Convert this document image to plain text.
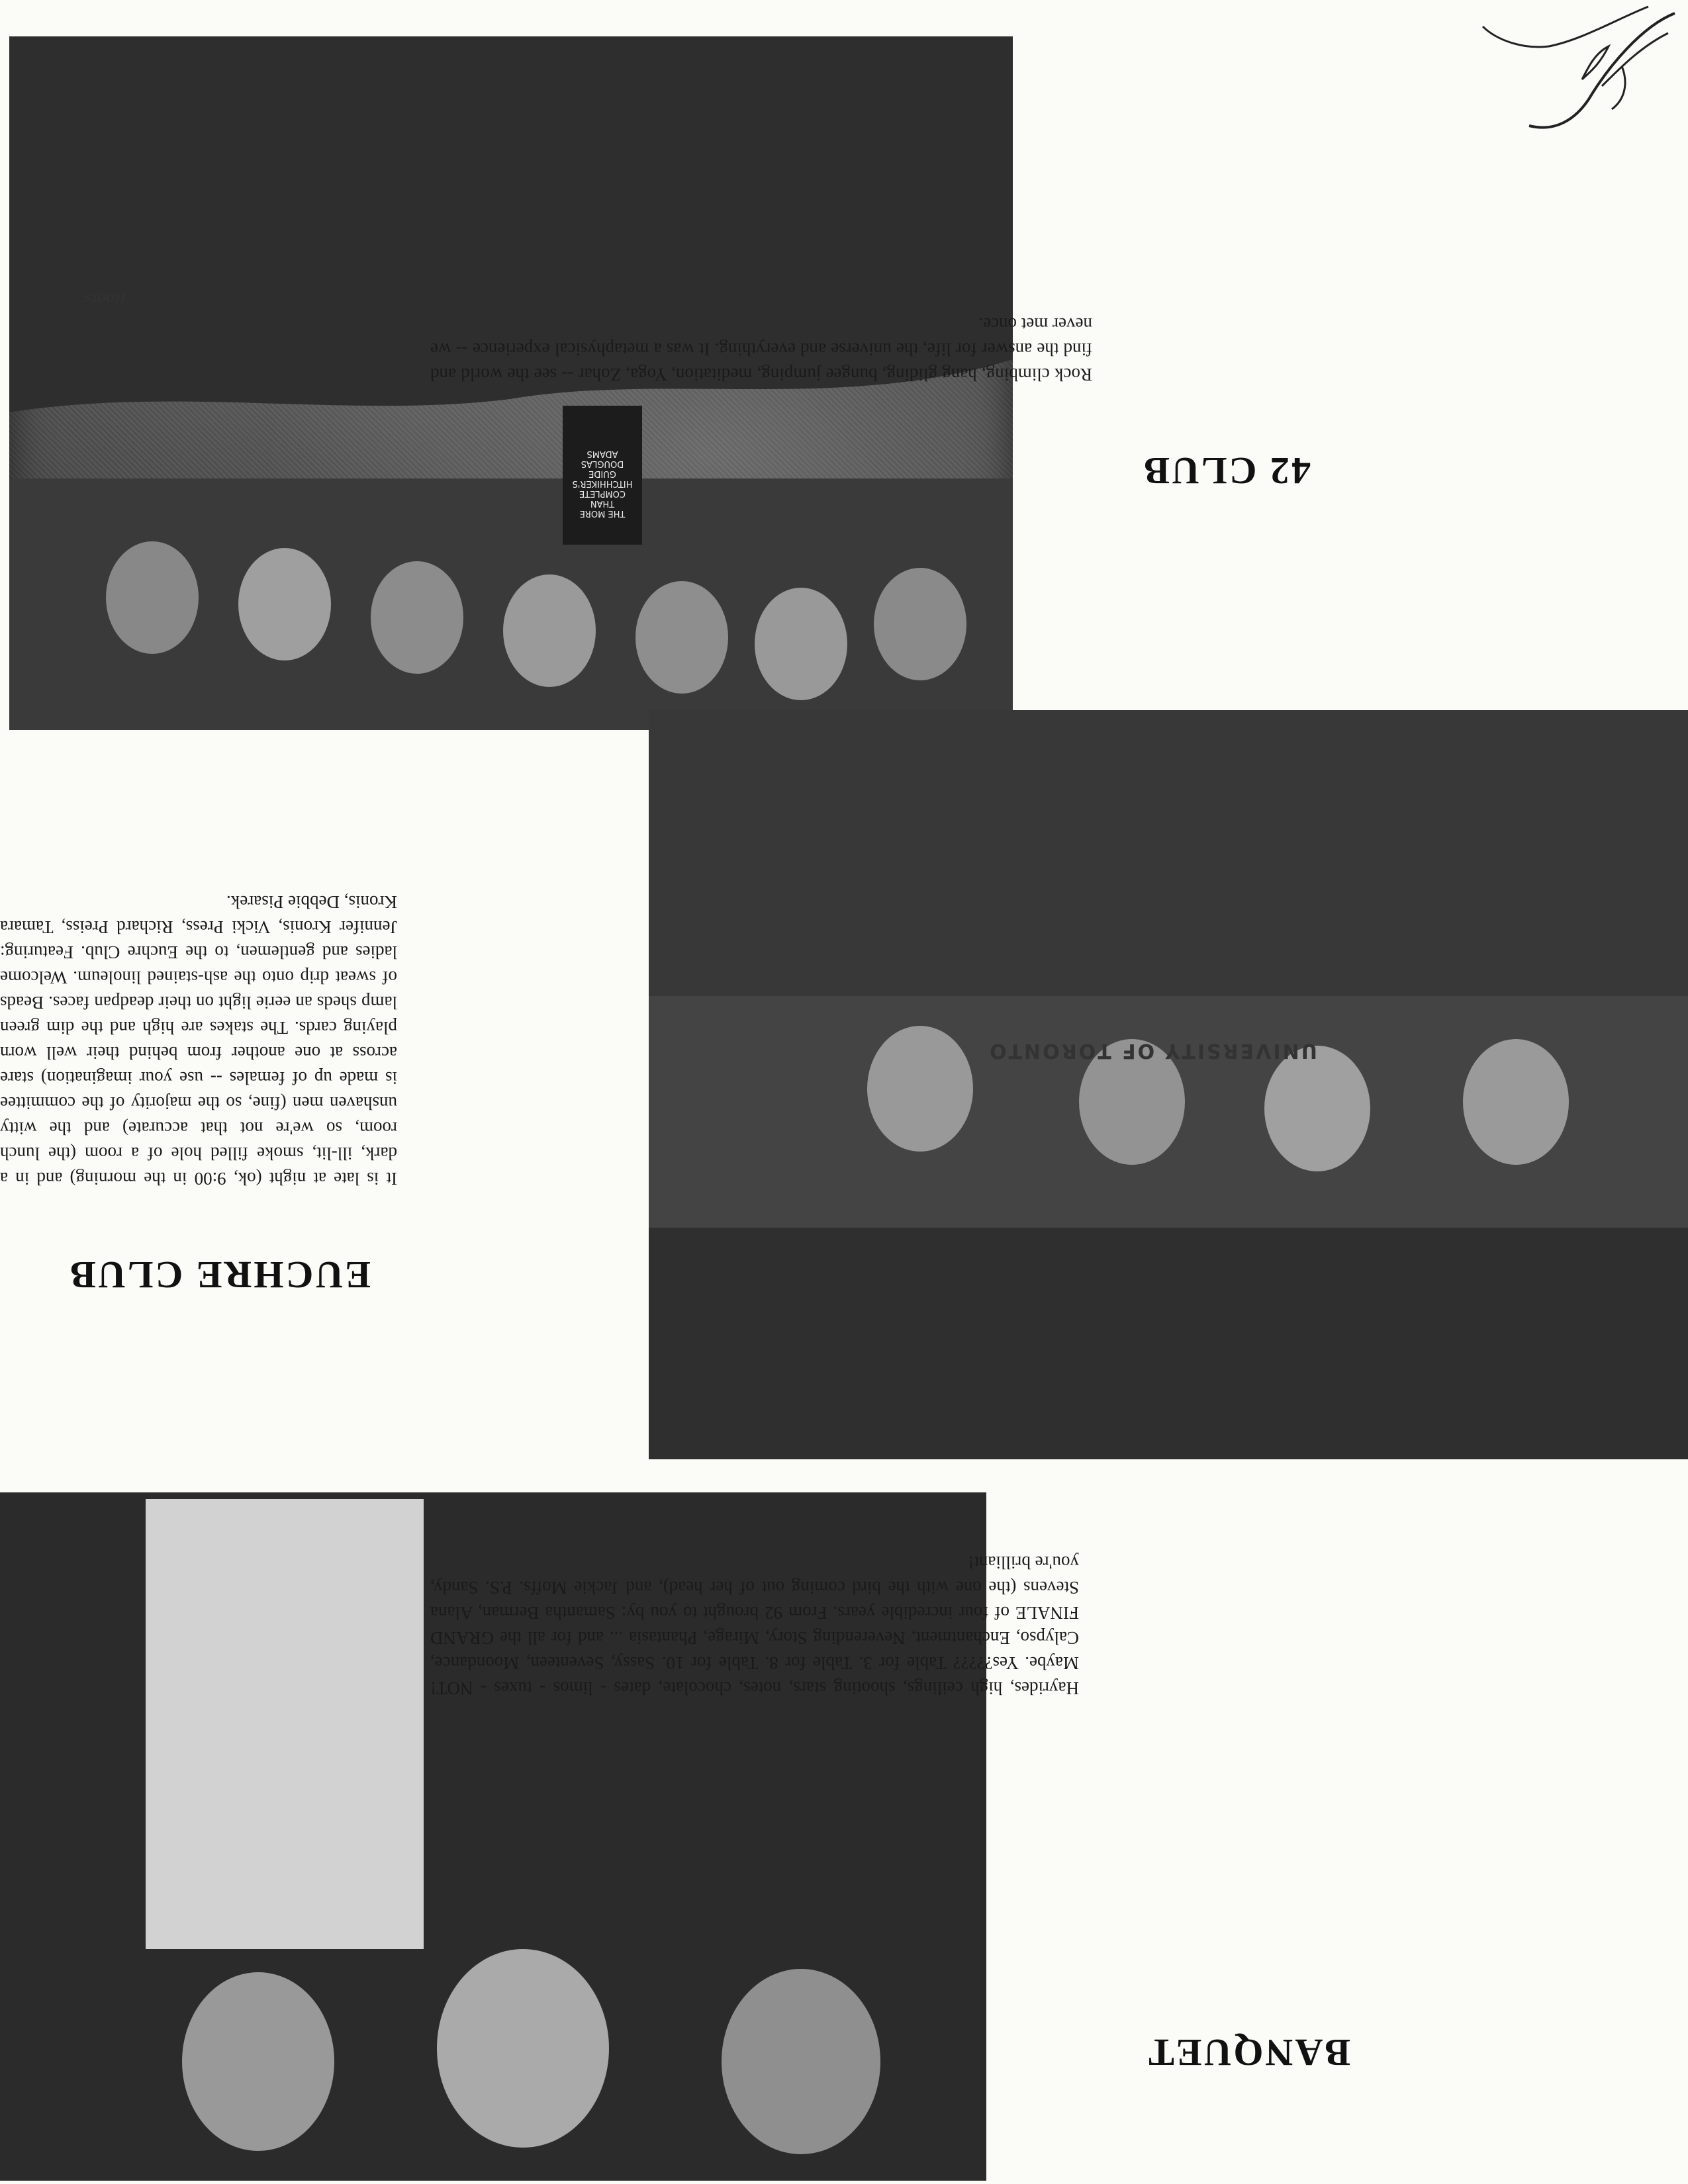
THE MORE THAN COMPLETE HITCHHIKER'S GUIDE DOUGLAS ADAMS
Roots
42 CLUB
Rock climbing, hang gliding, bungee jumping, meditation, Yoga, Zohar -- see the world and find the answer for life, the universe and everything. It was a metaphysical experience -- we never met once.
UNIVERSITY OF TORONTO
EUCHRE CLUB
It is late at night (ok, 9:00 in the morning) and in a dark, ill-lit, smoke filled hole of a room (the lunch room, so we're not that accurate) and the witty unshaven men (fine, so the majority of the committee is made up of females -- use your imagination) stare across at one another from behind their well worn playing cards. The stakes are high and the dim green lamp sheds an eerie light on their deadpan faces. Beads of sweat drip onto the ash-stained linoleum. Welcome ladies and gentlemen, to the Euchre Club. Featuring: Jennifer Kronis, Vicki Press, Richard Preiss, Tamara Kronis, Debbie Pisarek.
BANQUET
Hayrides, high ceilings, shooting stars, notes, chocolate, dates - limos - tuxes - NOT! Maybe. Yes????? Table for 3. Table for 8. Table for 10. Sassy, Seventeen, Moondance, Calypso, Enchantment, Neverending Story, Mirage, Phantasia ... and for all the GRAND FINALE of four incredible years. From 92 brought to you by: Samantha Berman, Alana Stevens (the one with the bird coming out of her head), and Jackie Moffs. P.S. Sandy, you're brilliant!
